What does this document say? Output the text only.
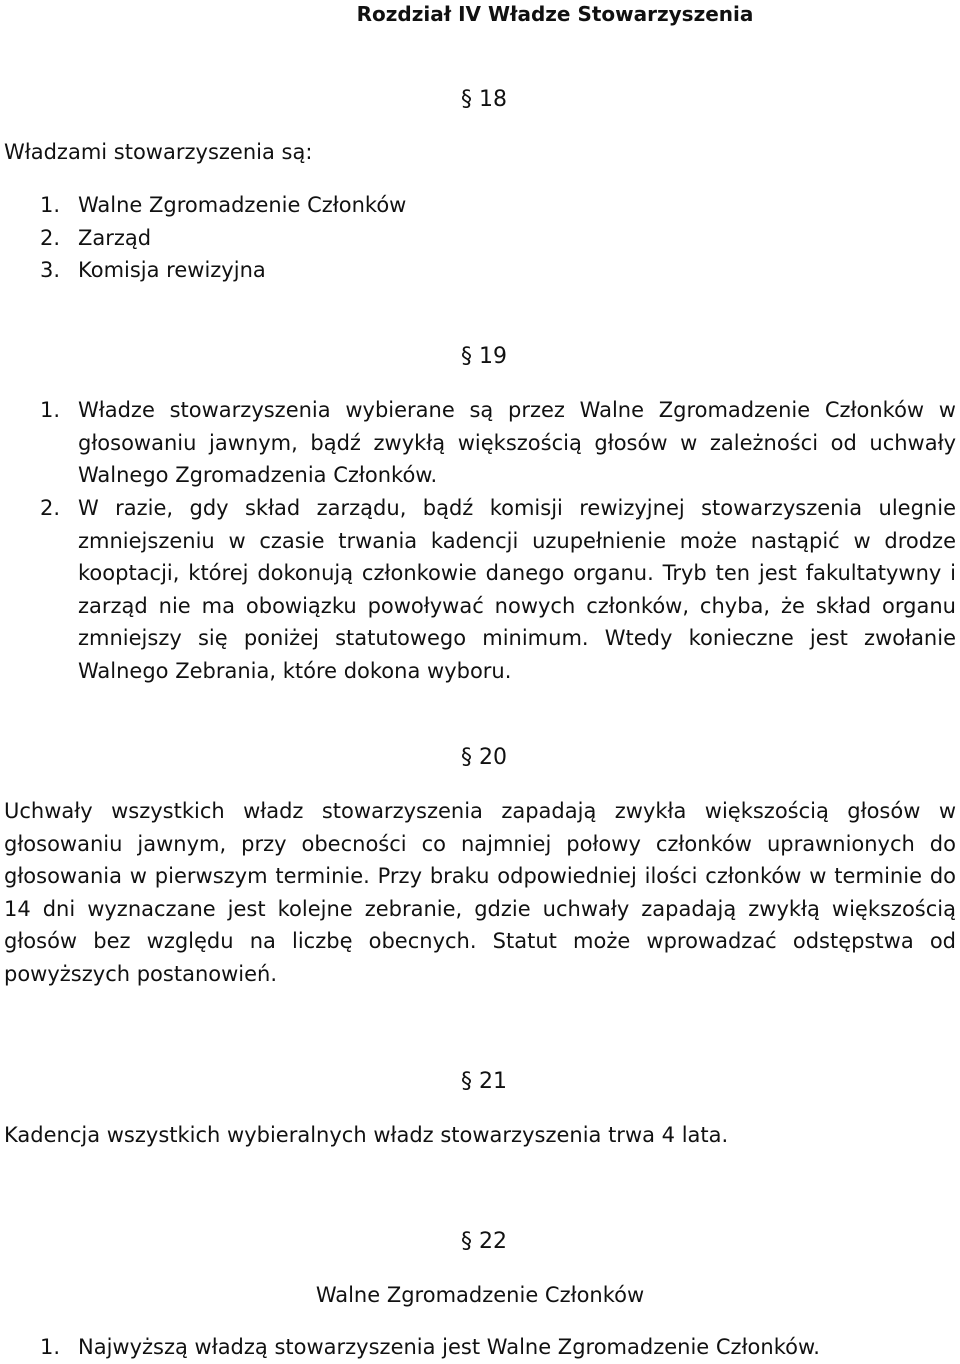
Rozdział IV Władze Stowarzyszenia
§ 18
Władzami stowarzyszenia są:
1. Walne Zgromadzenie Członków
2. Zarząd
3. Komisja rewizyjna
§ 19
1. Władze stowarzyszenia wybierane są przez Walne Zgromadzenie Członków w głosowaniu jawnym, bądź zwykłą większością głosów w zależności od uchwały Walnego Zgromadzenia Członków.

2. W razie, gdy skład zarządu, bądź komisji rewizyjnej stowarzyszenia ulegnie zmniejszeniu w czasie trwania kadencji uzupełnienie może nastąpić w drodze kooptacji, której dokonują członkowie danego organu. Tryb ten jest fakultatywny i zarząd nie ma obowiązku powoływać nowych członków, chyba, że skład organu zmniejszy się poniżej statutowego minimum. Wtedy konieczne jest zwołanie Walnego Zebrania, które dokona wyboru.

§ 20

Uchwały wszystkich władz stowarzyszenia zapadają zwykła większością głosów w głosowaniu jawnym, przy obecności co najmniej połowy członków uprawnionych do głosowania w pierwszym terminie. Przy braku odpowiedniej ilości członków w terminie do 14 dni wyznaczane jest kolejne zebranie, gdzie uchwały zapadają zwykłą większością głosów bez względu na liczbę obecnych. Statut może wprowadzać odstępstwa od powyższych postanowień.

§ 21

Kadencja wszystkich wybieralnych władz stowarzyszenia trwa 4 lata.

§ 22
Walne Zgromadzenie Członków
1. Najwyższą władzą stowarzyszenia jest Walne Zgromadzenie Członków.
